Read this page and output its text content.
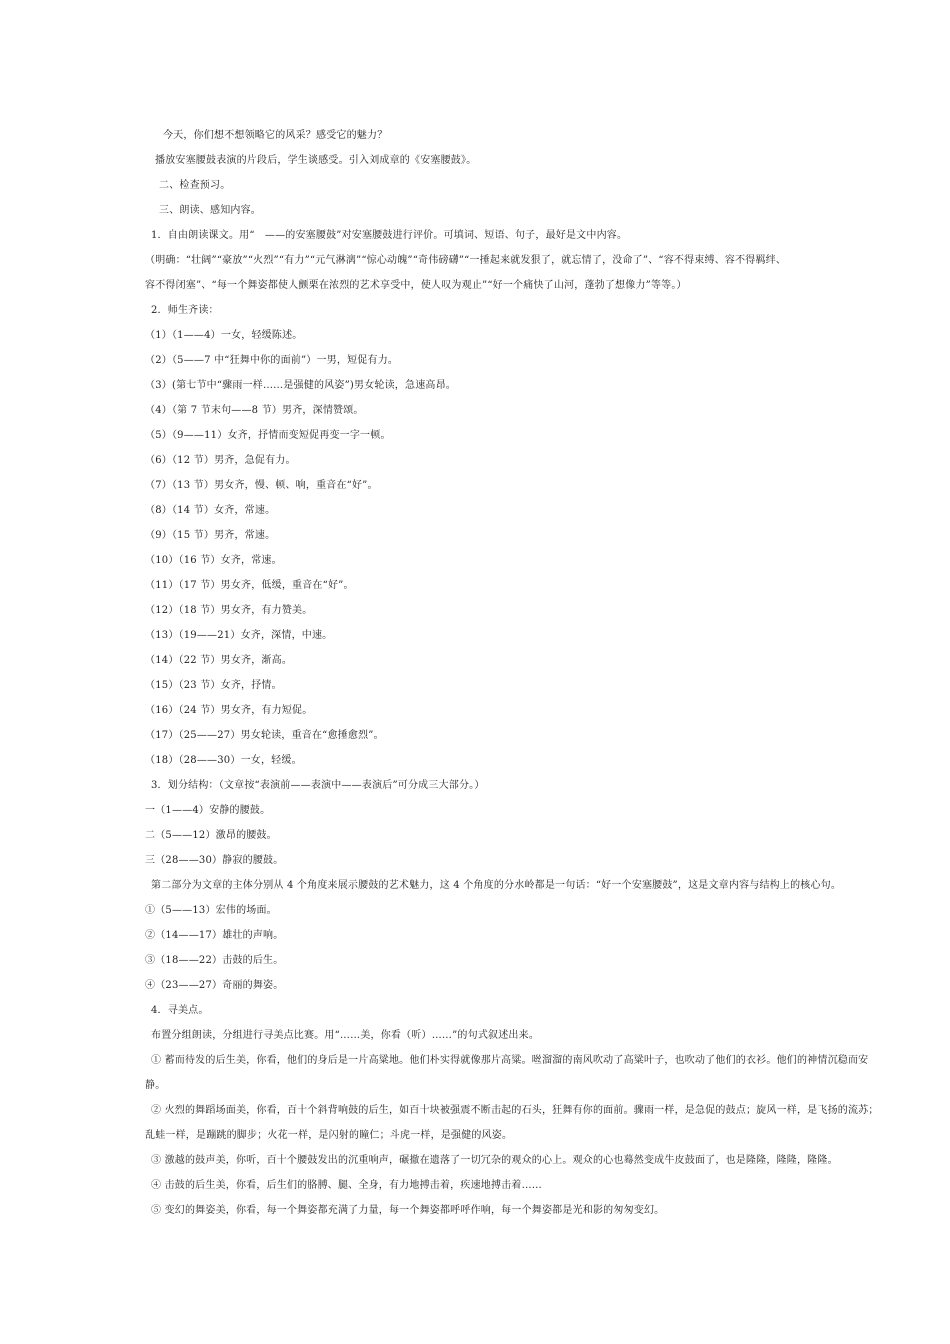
今天，你们想不想领略它的风采？感受它的魅力？
播放安塞腰鼓表演的片段后，学生谈感受。引入刘成章的《安塞腰鼓》。
二、检查预习。
三、朗读、感知内容。
1．自由朗读课文。用“　——的安塞腰鼓”对安塞腰鼓进行评价。可填词、短语、句子，最好是文中内容。
（明确：“壮阔”“豪放”“火烈”“有力”“元气淋漓”“惊心动魄”“奇伟磅礴”“一捶起来就发狠了，就忘情了，没命了”、“容不得束缚、容不得羁绊、
容不得闭塞”、“每一个舞姿都使人颤栗在浓烈的艺术享受中，使人叹为观止”“好一个痛快了山河，蓬勃了想像力”等等。）
2．师生齐读：
（1）（1——4）一女，轻缓陈述。
（2）（5——7 中“狂舞中你的面前”）一男，短促有力。
（3）(第七节中“骤雨一样……是强健的风姿”)男女轮读，急速高昂。
（4）（第 7 节末句——8 节）男齐，深情赞颂。
（5）（9——11）女齐，抒情而变短促再变一字一顿。
（6）（12 节）男齐，急促有力。
（7）（13 节）男女齐，慢、顿、响，重音在“好”。
（8）（14 节）女齐，常速。
（9）（15 节）男齐，常速。
（10）（16 节）女齐，常速。
（11）（17 节）男女齐，低缓，重音在“好”。
（12）（18 节）男女齐，有力赞美。
（13）（19——21）女齐，深情，中速。
（14）（22 节）男女齐，渐高。
（15）（23 节）女齐，抒情。
（16）（24 节）男女齐，有力短促。
（17）（25——27）男女轮读，重音在“愈捶愈烈”。
（18）（28——30）一女，轻缓。
3．划分结构：（文章按“表演前——表演中——表演后”可分成三大部分。）
一（1——4）安静的腰鼓。
二（5——12）激昂的腰鼓。
三（28——30）静寂的腰鼓。
第二部分为文章的主体分别从 4 个角度来展示腰鼓的艺术魅力，这 4 个角度的分水岭都是一句话：“好一个安塞腰鼓”，这是文章内容与结构上的核心句。
①（5——13）宏伟的场面。
②（14——17）雄壮的声响。
③（18——22）击鼓的后生。
④（23——27）奇丽的舞姿。
4．寻美点。
布置分组朗读，分组进行寻美点比赛。用“……美，你看（听）……”的句式叙述出来。
① 蓄而待发的后生美，你看，他们的身后是一片高粱地。他们朴实得就像那片高粱。咝溜溜的南风吹动了高粱叶子，也吹动了他们的衣衫。他们的神情沉稳而安
静。
② 火烈的舞蹈场面美，你看，百十个斜背响鼓的后生，如百十块被强震不断击起的石头，狂舞有你的面前。骤雨一样，是急促的鼓点；旋风一样，是飞扬的流苏；
乱蛙一样，是蹦跳的脚步；火花一样，是闪射的瞳仁；斗虎一样，是强健的风姿。
③ 激越的鼓声美，你听，百十个腰鼓发出的沉重响声，碾撤在遗落了一切冗杂的观众的心上。观众的心也蓦然变成牛皮鼓面了，也是隆隆，隆隆，隆隆。
④ 击鼓的后生美，你看，后生们的胳膊、腿、全身，有力地搏击着，疾速地搏击着……
⑤ 变幻的舞姿美，你看，每一个舞姿都充满了力量，每一个舞姿都呼呼作响，每一个舞姿都是光和影的匆匆变幻。
